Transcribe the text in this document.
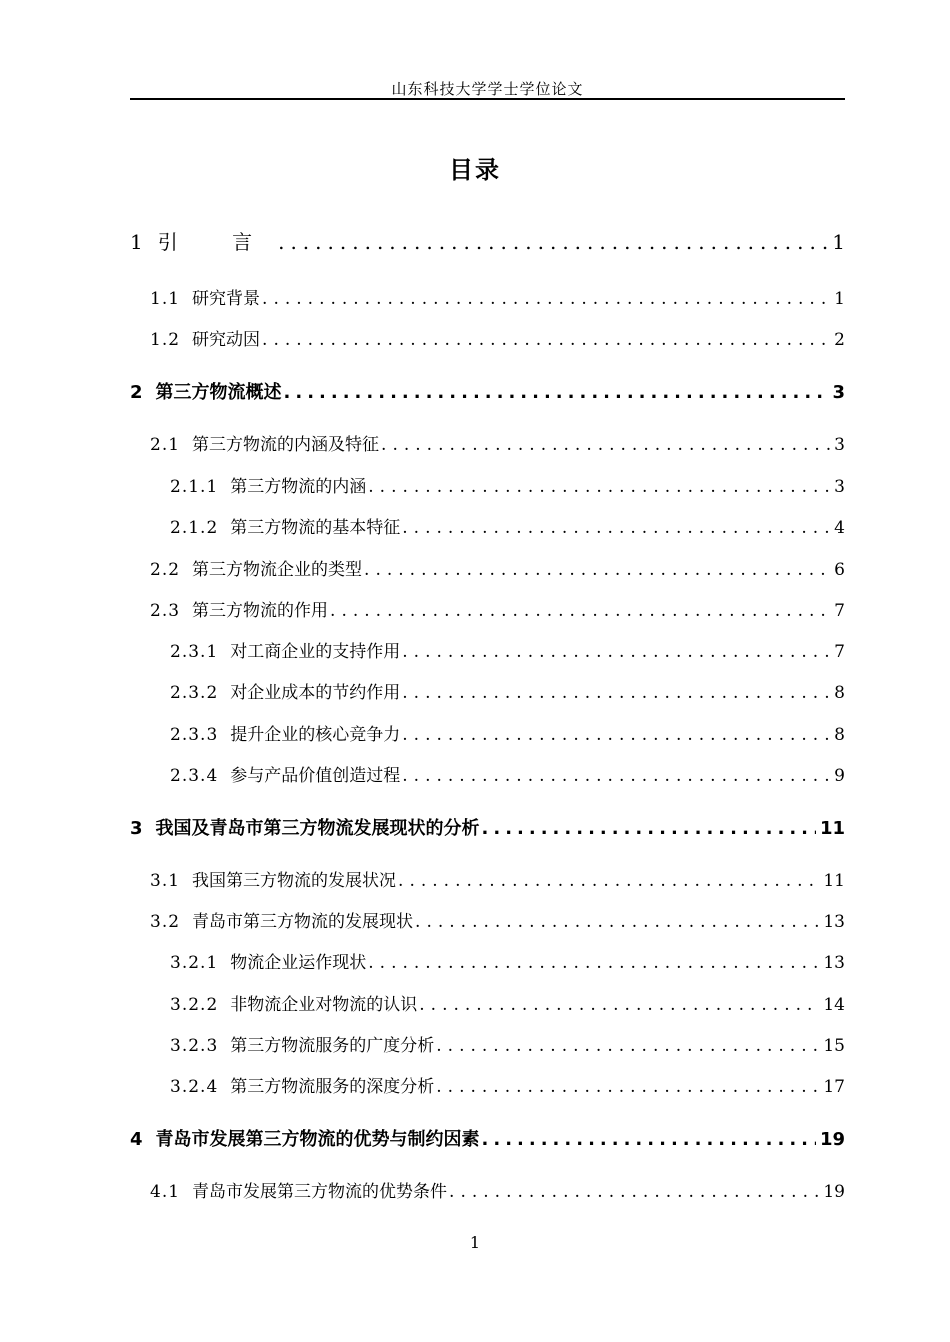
山东科技大学学士学位论文
目录
1 引 言 .....	1
1.1 研究背景 .....	1
1.2 研究动因 .....	2
2 第三方物流概述 .....	3
2.1 第三方物流的内涵及特征 .....	3
2.1.1 第三方物流的内涵 .....	3
2.1.2 第三方物流的基本特征 .....	4
2.2 第三方物流企业的类型 .....	6
2.3 第三方物流的作用 .....	7
2.3.1 对工商企业的支持作用 .....	7
2.3.2 对企业成本的节约作用 .....	8
2.3.3 提升企业的核心竞争力 .....	8
2.3.4 参与产品价值创造过程 .....	9
3 我国及青岛市第三方物流发展现状的分析 .....	11
3.1 我国第三方物流的发展状况 .....	11
3.2 青岛市第三方物流的发展现状 .....	13
3.2.1 物流企业运作现状 .....	13
3.2.2 非物流企业对物流的认识 .....	14
3.2.3 第三方物流服务的广度分析 .....	15
3.2.4 第三方物流服务的深度分析 .....	17
4 青岛市发展第三方物流的优势与制约因素 .....	19
4.1 青岛市发展第三方物流的优势条件 .....	19
1
